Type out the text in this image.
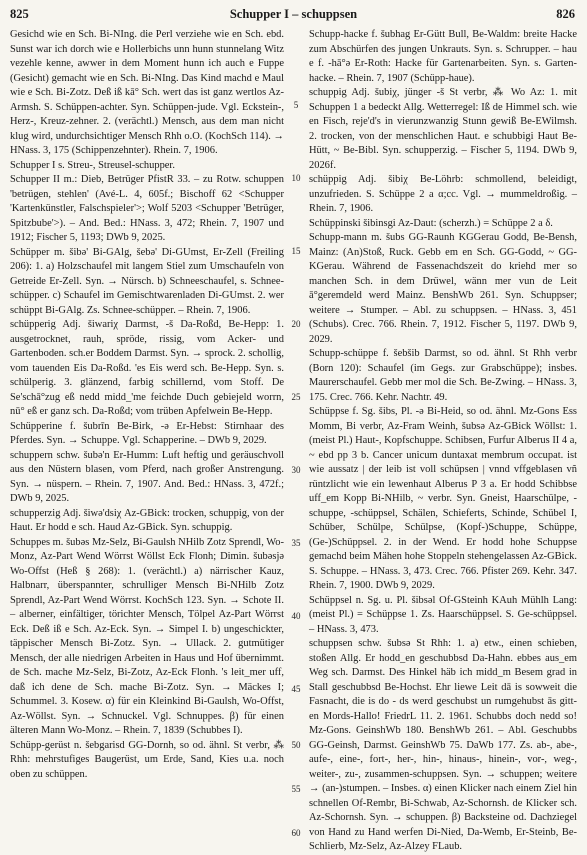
825	Schupper I – schuppsen	826

Gesichd wie en Sch. Bi-NIng. die Perl verziehe wie en Sch. ebd. Sunst war ich dorch wie e Hollerbichs unn hunn stunnelang Witz vezehle kenne, awwer in dem Moment hunn ich auch e Fuppe (Gesicht) gemacht wie en Sch. Bi-NIng. Das Kind machd e Maul wie e Sch. Bi-Zotz. Deß iß kā° Sch. wert das ist ganz wertlos Az-Armsh. S. Schüppen-achter. Syn. Schüppen-jude. Vgl. Eckstein-, Herz-, Kreuz-zehner. 2. (verächtl.) Mensch, aus dem man nicht klug wird, undurchsichtiger Mensch Rhh o.O. (KochSch 114). → HNass. 3, 175 (Schippenzehnter). Rhein. 7, 1906.

Schupper I s. Streu-, Streusel-schupper.

Schupper II m.: Dieb, Betrüger PfistR 33. – zu Rotw. schuppen 'betrügen, stehlen' (Avé-L. 4, 605f.; Bischoff 62 <Schupper 'Kartenkünstler, Falschspieler'>; Wolf 5203 <Schupper 'Betrüger, Spitzbube'>). – And. Bed.: HNass. 3, 472; Rhein. 7, 1907 und 1912; Fischer 5, 1193; DWb 9, 2025.

Schüpper m. šibǝ' Bi-GAlg, šebǝ' Di-GUmst, Er-Zell (Freiling 206): 1. a) Holzschaufel mit langem Stiel zum Umschaufeln von Getreide Er-Zell. Syn. → Nürsch. b) Schneeschaufel, s. Schnee-schüpper. c) Schaufel im Gemischtwarenladen Di-GUmst. 2. wer schüppt Bi-GAlg. Zs. Schnee-schüpper. – Rhein. 7, 1906.

schüpperig Adj. šiwariχ Darmst, -š Da-Roßd, Be-Hepp: 1. ausgetrocknet, rauh, spröde, rissig, vom Acker- und Gartenboden. sch.er Boddem Darmst. Syn. → sprock. 2. schollig, vom tauenden Eis Da-Roßd. 'es Eis werd sch. Be-Hepp. Syn. s. schülperig. 3. glänzend, farbig schillernd, vom Stoff. De Se'schā°zug eß nedd midd_'me feichde Duch gebiejeld worrn, nū° eß er ganz sch. Da-Roßd; vom trüben Apfelwein Be-Hepp.

Schüpperine f. šubrīn Be-Birk, -ǝ Er-Hebst: Stirnhaar des Pferdes. Syn. → Schuppe. Vgl. Schapperine. – DWb 9, 2029.

schuppern schw. šubǝ'n Er-Humm: Luft heftig und geräuschvoll aus den Nüstern blasen, vom Pferd, nach großer Anstrengung. Syn. → nüspern. – Rhein. 7, 1907. And. Bed.: HNass. 3, 472f.; DWb 9, 2025.

schupperzig Adj. šiwǝ'dsiχ Az-GBick: trocken, schuppig, von der Haut. Er hodd e sch. Haud Az-GBick. Syn. schuppig.

Schuppes m. šubǝs Mz-Selz, Bi-Gaulsh NHilb Zotz Sprendl, Wo-Monz, Az-Part Wend Wörrst Wöllst Eck Flonh; Dimin. šubǝsjǝ Wo-Offst (Heß § 268): 1. (verächtl.) a) närrischer Kauz, Halbnarr, überspannter, schrulliger Mensch Bi-NHilb Zotz Sprendl, Az-Part Wend Wörrst. KochSch 123. Syn. → Schote II. – alberner, einfältiger, törichter Mensch, Tölpel Az-Part Wörrst Eck. Deß iß e Sch. Az-Eck. Syn. → Simpel I. b) ungeschickter, täppischer Mensch Bi-Zotz. Syn. → Ullack. 2. gutmütiger Mensch, der alle niedrigen Arbeiten in Haus und Hof übernimmt. de Sch. mache Mz-Selz, Bi-Zotz, Az-Eck Flonh. 's leit_mer uff, daß ich dene de Sch. mache Bi-Zotz. Syn. → Mäckes I; Schummel. 3. Kosew. α) für ein Kleinkind Bi-Gaulsh, Wo-Offst, Az-Wöllst. Syn. → Schnuckel. Vgl. Schnuppes. β) für einen älteren Mann Wo-Monz. – Rhein. 7, 1839 (Schubbes I).

Schüpp-gerüst n. šebgarisd GG-Dornh, so od. ähnl. St verbr, ⁂ Rhh: mehrstufiges Baugerüst, um Erde, Sand, Kies u.a. noch oben zu schüppen.

5
10
15
20
25
30
35
40
45
50
55
60

Schupp-hacke f. šubhag Er-Gütt Bull, Be-Waldm: breite Hacke zum Abschürfen des jungen Unkrauts. Syn. s. Schrupper. – hau e f. -hā°ǝ Er-Roth: Hacke für Gartenarbeiten. Syn. s. Garten-hacke. – Rhein. 7, 1907 (Schüpp-haue).

schuppig Adj. šubiχ, jünger -š St verbr, ⁂ Wo Az: 1. mit Schuppen 1 a bedeckt Allg. Wetterregel: Iß de Himmel sch. wie en Fisch, reje'd's in vierunzwanzig Stunn gewiß Be-EWilmsh. 2. trocken, von der menschlichen Haut. e schubbigi Haut Be-Hütt, ~ Be-Bibl. Syn. schupperzig. – Fischer 5, 1194. DWb 9, 2026f.

schüppig Adj. šibiχ Be-Löhrb: schmollend, beleidigt, unzufrieden. S. Schüppe 2 a α;cc. Vgl. → mummeldroßig. – Rhein. 7, 1906.

Schüppinski šibinsgi Az-Daut: (scherzh.) = Schüppe 2 a δ.

Schupp-mann m. šubs GG-Raunh KGGerau Godd, Be-Bensh, Mainz: (An)Stoß, Ruck. Gebb em en Sch. GG-Godd, ~ GG-KGerau. Während de Fassenachdszeit do kriehd mer so manchen Sch. in dem Drüwel, wänn mer vun de Leit ā°geremdeld werd Mainz. BenshWb 261. Syn. Schuppser; weitere → Stumper. – Abl. zu schuppsen. – HNass. 3, 451 (Schubs). Crec. 766. Rhein. 7, 1912. Fischer 5, 1197. DWb 9, 2029.

Schupp-schüppe f. šebšib Darmst, so od. ähnl. St Rhh verbr (Born 120): Schaufel (im Gegs. zur Grabschüppe); insbes. Maurerschaufel. Gebb mer mol die Sch. Be-Zwing. – HNass. 3, 175. Crec. 766. Kehr. Nachtr. 49.

Schüppse f. Sg. šibs, Pl. -ǝ Bi-Heid, so od. ähnl. Mz-Gons Ess Momm, Bi verbr, Az-Fram Weinh, šubsǝ Az-GBick Wöllst: 1. (meist Pl.) Haut-, Kopfschuppe. Schibsen, Furfur Alberus II 4 a, ~ ebd pp 3 b. Cancer unicum duntaxat membrum occupat. ist wie aussatz | der leib ist voll schüpsen | vnnd vffgeblasen vñ rüntzlicht wie ein lewenhaut Alberus P 3 a. Er hodd Schibbse uff_em Kopp Bi-NHilb, ~ verbr. Syn. Gneist, Haarschülpe, -schuppe, -schüppsel, Schälen, Schieferts, Schinde, Schübel I, Schüber, Schülpe, Schülpse, (Kopf-)Schuppe, Schüppe, (Ge-)Schüppsel. 2. in der Wend. Er hodd hohe Schuppse gemachd beim Mähen hohe Stoppeln stehengelassen Az-GBick. S. Schuppe. – HNass. 3, 473. Crec. 766. Pfister 269. Kehr. 347. Rhein. 7, 1900. DWb 9, 2029.

Schüppsel n. Sg. u. Pl. šibsǝl Of-GSteinh KAuh Mühlh Lang: (meist Pl.) = Schüppse 1. Zs. Haarschüppsel. S. Ge-schüppsel. – HNass. 3, 473.

schuppsen schw. šubsǝ St Rhh: 1. a) etw., einen schieben, stoßen Allg. Er hodd_en geschubbsd Da-Hahn. ebbes aus_em Weg sch. Darmst. Des Hinkel häb ich midd_m Besem grad in Stall geschubbsd Be-Hochst. Ehr liewe Leit dā is sowweit die Fasnacht, die is do - ds werd geschubst un rumgehubst ās gitt-en Mords-Hallo! FriedrL 11. 2. 1961. Schubbs doch nedd so! Mz-Gons. GeinshWb 180. BenshWb 261. – Abl. Geschubbs GG-Geinsh, Darmst. GeinshWb 75. DaWb 177. Zs. ab-, abe-, aufe-, eine-, fort-, her-, hin-, hinaus-, hinein-, vor-, weg-, weiter-, zu-, zusammen-schuppsen. Syn. → schuppen; weitere → (an-)stumpen. – Insbes. α) einen Klicker nach einem Ziel hin schnellen Of-Rembr, Bi-Schwab, Az-Schornsh. de Klicker sch. Az-Schornsh. Syn. → schuppen. β) Backsteine od. Dachziegel von Hand zu Hand werfen Di-Nied, Da-Wemb, Er-Steinb, Be-Schlierb, Mz-Selz, Az-Alzey FLaub.
